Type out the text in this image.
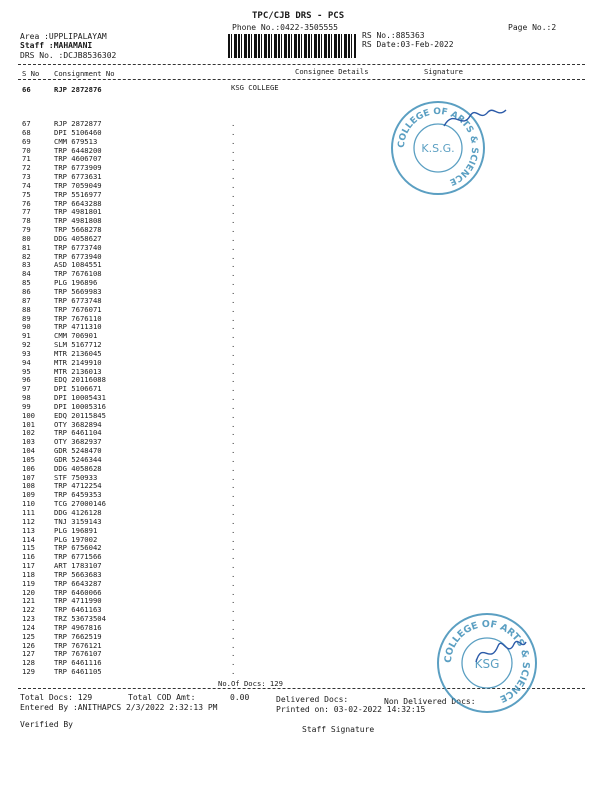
TPC/CJB DRS - PCS
Phone No.:0422-3505555	Page No.:2
Area :UPPLIPALAYAM
Staff :MAHAMANI
DRS No. :DCJB8536302
RS No.:885363
RS Date:03-Feb-2022
S No Consignment No	Consignee Details	Signature
66	RJP 2872876	KSG COLLEGE
67	RJP 2872877	.
68	DPI 5106460	.
69	CMM 679513	.
70	TRP 6448200	.
71	TRP 4606707	.
72	TRP 6773909	.
73	TRP 6773631	.
74	TRP 7059049	.
75	TRP 5516977	.
76	TRP 6643288	.
77	TRP 4981801	.
78	TRP 4981808	.
79	TRP 5668278	.
80	DDG 4058627	.
81	TRP 6773740	.
82	TRP 6773940	.
83	ASD 1084551	.
84	TRP 7676108	.
85	PLG 196896	.
86	TRP 5669983	.
87	TRP 6773748	.
88	TRP 7676071	.
89	TRP 7676110	.
90	TRP 4711310	.
91	CMM 706901	.
92	SLM 5167712	.
93	MTR 2136045	.
94	MTR 2149910	.
95	MTR 2136013	.
96	EDQ 20116088	.
97	DPI 5106671	.
98	DPI 10005431	.
99	DPI 10005316	.
100	EDQ 20115845	.
101	OTY 3682894	.
102	TRP 6461104	.
103	OTY 3682937	.
104	GDR 5248470	.
105	GDR 5246344	.
106	DDG 4058628	.
107	STF 750933	.
108	TRP 4712254	.
109	TRP 6459353	.
110	TCG 27000146	.
111	DDG 4126128	.
112	TNJ 3159143	.
113	PLG 196891	.
114	PLG 197002	.
115	TRP 6756042	.
116	TRP 6771566	.
117	ART 1783107	.
118	TRP 5663683	.
119	TRP 6643287	.
120	TRP 6460066	.
121	TRP 4711990	.
122	TRP 6461163	.
123	TRZ 53673504	.
124	TRP 4967816	.
125	TRP 7662519	.
126	TRP 7676121	.
127	TRP 7676107	.
128	TRP 6461116	.
129	TRP 6461105	.
No.Of Docs: 129
Total Docs: 129	Total COD Amt:	0.00	Delivered Docs:	Non Delivered Docs:
Entered By :ANITHAPCS 2/3/2022 2:32:13 PM	Printed on: 03-02-2022 14:32:15
Verified By
Staff Signature
COLLEGE OF ARTS & SCIENCE
K.S.G.
COLLEGE OF ARTS & SCIENCE
KSG
